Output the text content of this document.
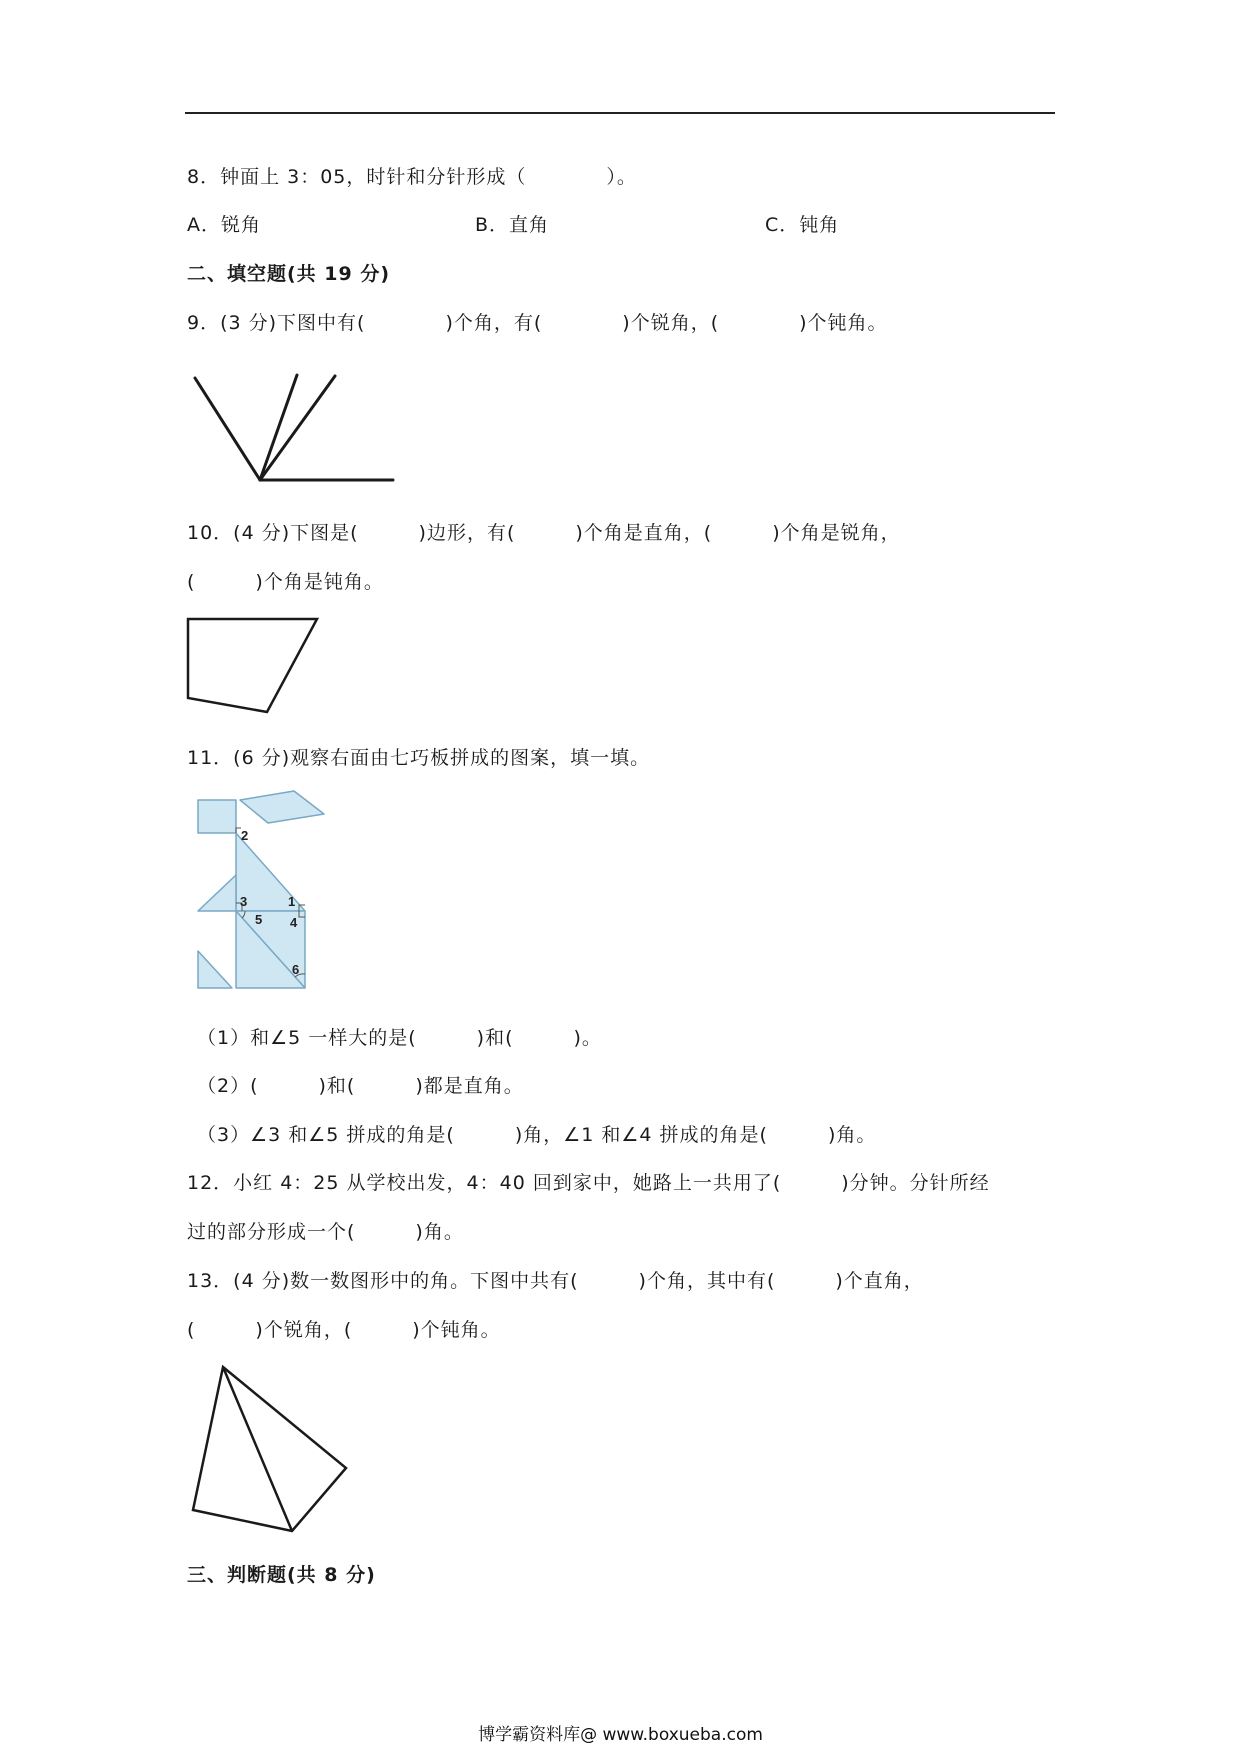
8．钟面上 3：05，时针和分针形成（　　　　）。
A．锐角	B．直角	C．钝角
二、填空题(共 19 分)
9．(3 分)下图中有(　　　　)个角，有(　　　　)个锐角，(　　　　)个钝角。
10．(4 分)下图是(　　　)边形，有(　　　)个角是直角，(　　　)个角是锐角，
(　　　)个角是钝角。
11．(6 分)观察右面由七巧板拼成的图案，填一填。
2
3	1
5 4
6
（1）和∠5 一样大的是(　　　)和(　　　)。
（2）(　　　)和(　　　)都是直角。
（3）∠3 和∠5 拼成的角是(　　　)角，∠1 和∠4 拼成的角是(　　　)角。
12．小红 4：25 从学校出发，4：40 回到家中，她路上一共用了(　　　)分钟。分针所经
过的部分形成一个(　　　)角。
13．(4 分)数一数图形中的角。下图中共有(　　　)个角，其中有(　　　)个直角，
(　　　)个锐角，(　　　)个钝角。
三、判断题(共 8 分)
博学霸资料库@ www.boxueba.com
